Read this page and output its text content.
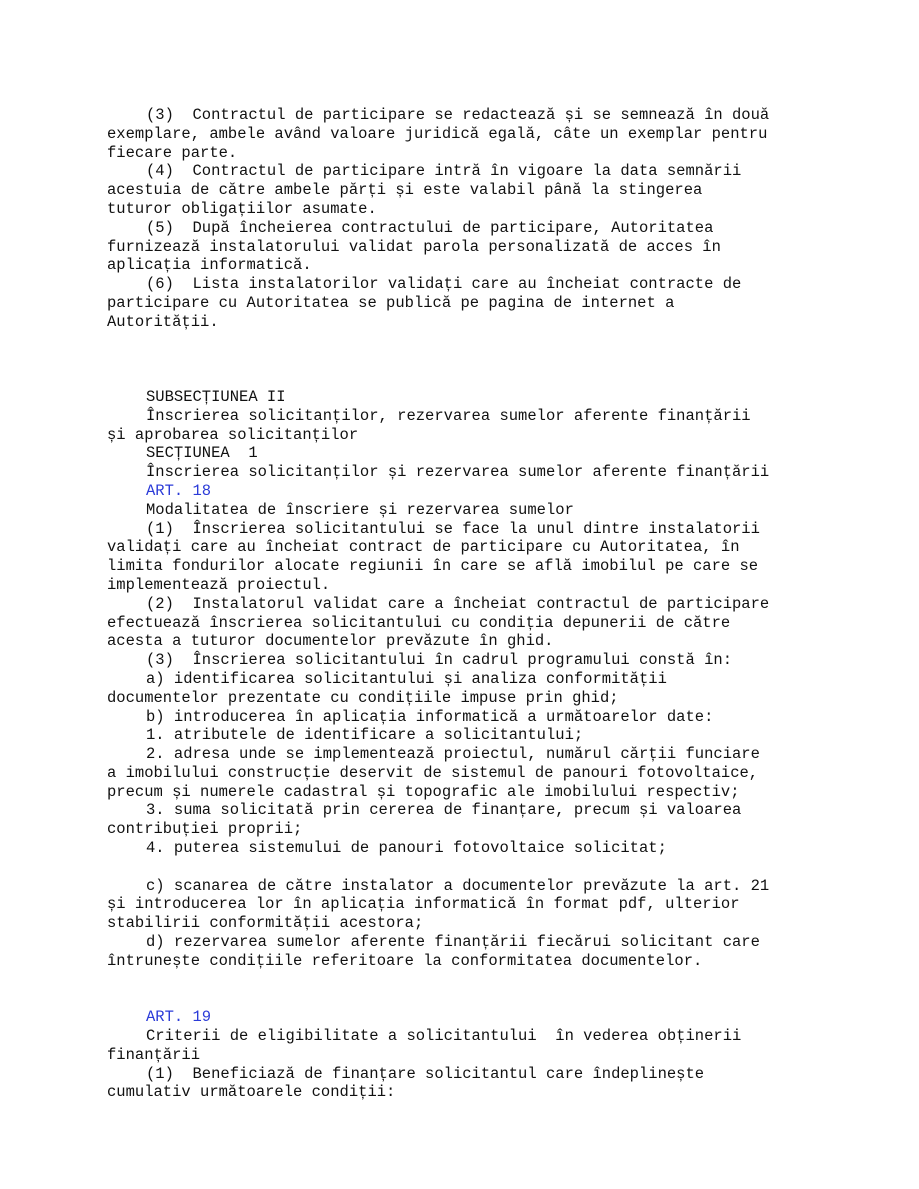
(3)  Contractul de participare se redactează și se semnează în două
exemplare, ambele având valoare juridică egală, câte un exemplar pentru
fiecare parte.
(4)  Contractul de participare intră în vigoare la data semnării
acestuia de către ambele părți și este valabil până la stingerea
tuturor obligațiilor asumate.
(5)  După încheierea contractului de participare, Autoritatea
furnizează instalatorului validat parola personalizată de acces în
aplicația informatică.
(6)  Lista instalatorilor validați care au încheiat contracte de
participare cu Autoritatea se publică pe pagina de internet a
Autorității.
SUBSECȚIUNEA II
Înscrierea solicitanților, rezervarea sumelor aferente finanțării
și aprobarea solicitanților
SECȚIUNEA  1
Înscrierea solicitanților și rezervarea sumelor aferente finanțării
ART. 18
Modalitatea de înscriere și rezervarea sumelor
(1)  Înscrierea solicitantului se face la unul dintre instalatorii
validați care au încheiat contract de participare cu Autoritatea, în
limita fondurilor alocate regiunii în care se află imobilul pe care se
implementează proiectul.
(2)  Instalatorul validat care a încheiat contractul de participare
efectuează înscrierea solicitantului cu condiția depunerii de către
acesta a tuturor documentelor prevăzute în ghid.
(3)  Înscrierea solicitantului în cadrul programului constă în:
a) identificarea solicitantului și analiza conformității
documentelor prezentate cu condițiile impuse prin ghid;
b) introducerea în aplicația informatică a următoarelor date:
1. atributele de identificare a solicitantului;
2. adresa unde se implementează proiectul, numărul cărții funciare
a imobilului construcție deservit de sistemul de panouri fotovoltaice,
precum și numerele cadastral și topografic ale imobilului respectiv;
3. suma solicitată prin cererea de finanțare, precum și valoarea
contribuției proprii;
4. puterea sistemului de panouri fotovoltaice solicitat;
c) scanarea de către instalator a documentelor prevăzute la art. 21
și introducerea lor în aplicația informatică în format pdf, ulterior
stabilirii conformității acestora;
d) rezervarea sumelor aferente finanțării fiecărui solicitant care
întrunește condițiile referitoare la conformitatea documentelor.
ART. 19
Criterii de eligibilitate a solicitantului  în vederea obținerii
finanțării
(1)  Beneficiază de finanțare solicitantul care îndeplinește
cumulativ următoarele condiții:
